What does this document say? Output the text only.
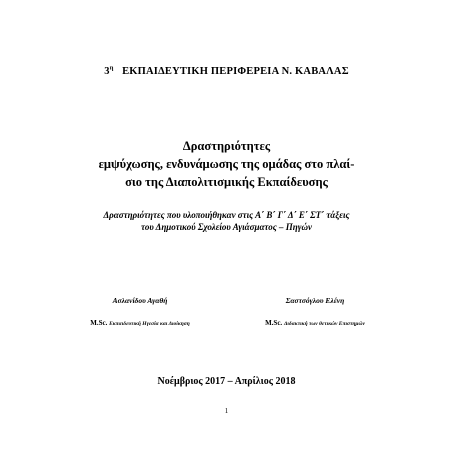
$3^\eta$ ΕΚΠΑΙΔΕΥΤΙΚΗ ΠΕΡΙΦΕΡΕΙΑ Ν. ΚΑΒΑΛΑΣ
Δραστηριότητες
εμψύχωσης, ενδυνάμωσης της ομάδας στο πλαί-
σιο της Διαπολιτισμικής Εκπαίδευσης
Δραστηριότητες που υλοποιήθηκαν στις Α΄ Β΄ Γ΄ Δ΄ Ε΄ ΣΤ΄ τάξεις
του Δημοτικού Σχολείου Αγιάσματος – Πηγών
Ασλανίδου Αγαθή
M.Sc. Εκπαιδευτική Ηγεσία και Διοίκηση
Σαστσόγλου Ελένη
M.Sc. Διδακτική των θετικών Επιστημών
Νοέμβριος 2017 – Απρίλιος 2018
1
